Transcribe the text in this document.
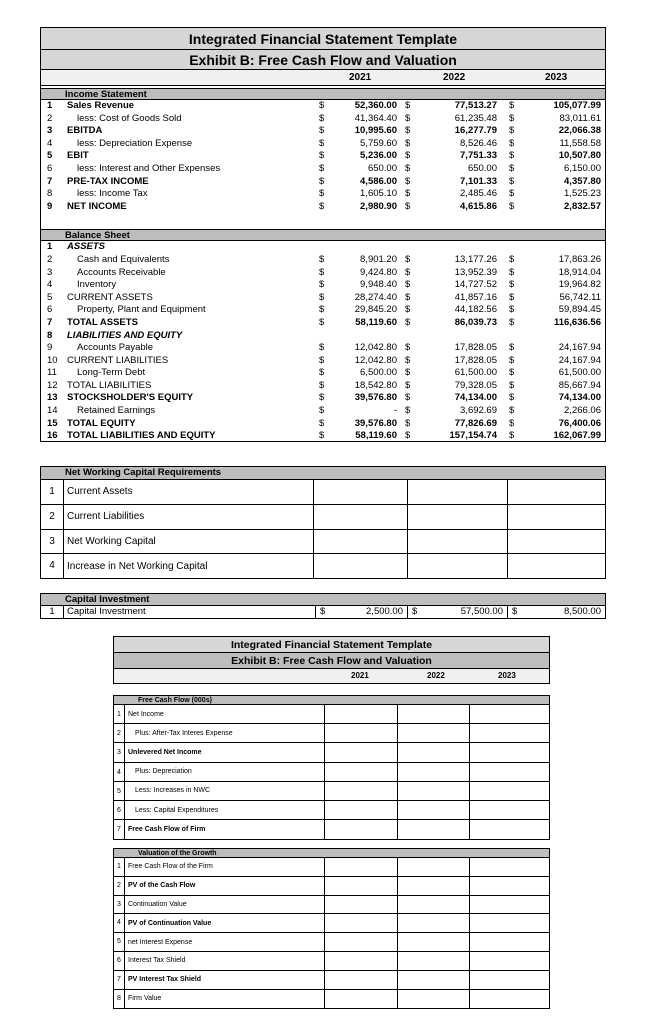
Integrated Financial Statement Template
Exhibit B: Free Cash Flow and Valuation
2021	2022	2023
Income Statement
1 Sales Revenue	$	52,360.00 $	77,513.27 $	105,077.99
2	less: Cost of Goods Sold	$	41,364.40 $	61,235.48 $	83,011.61
3 EBITDA	$	10,995.60 $	16,277.79 $	22,066.38
4	less: Depreciation Expense	$	5,759.60 $	8,526.46 $	11,558.58
5 EBIT	$	5,236.00 $	7,751.33 $	10,507.80
6	less: Interest and Other Expenses	$	650.00 $	650.00 $	6,150.00
7 PRE-TAX INCOME	$	4,586.00 $	7,101.33 $	4,357.80
8	less: Income Tax	$	1,605.10 $	2,485.46 $	1,525.23
9 NET INCOME	$	2,980.90 $	4,615.86 $	2,832.57
Balance Sheet
1 ASSETS
2	Cash and Equivalents	$	8,901.20 $	13,177.26 $	17,863.26
3	Accounts Receivable	$	9,424.80 $	13,952.39 $	18,914.04
4	Inventory	$	9,948.40 $	14,727.52 $	19,964.82
5 CURRENT ASSETS	$	28,274.40 $	41,857.16 $	56,742.11
6	Property, Plant and Equipment	$	29,845.20 $	44,182.56 $	59,894.45
7 TOTAL ASSETS	$	58,119.60 $	86,039.73 $	116,636.56
8 LIABILITIES AND EQUITY
9	Accounts Payable	$	12,042.80 $	17,828.05 $	24,167.94
10 CURRENT LIABILITIES	$	12,042.80 $	17,828.05 $	24,167.94
11 Long-Term Debt	$	6,500.00 $	61,500.00 $	61,500.00
12 TOTAL LIABILITIES	$	18,542.80 $	79,328.05 $	85,667.94
13 STOCKSHOLDER'S EQUITY	$	39,576.80 $	74,134.00 $	74,134.00
14 Retained Earnings	$	- $	3,692.69 $	2,266.06
15 TOTAL EQUITY	$	39,576.80 $	77,826.69 $	76,400.06
16 TOTAL LIABILITIES AND EQUITY	$	58,119.60 $	157,154.74 $	162,067.99
Net Working Capital Requirements
1	Current Assets
2	Current Liabilities
3	Net Working Capital
4	Increase in Net Working Capital
Capital Investment
1	Capital Investment	$	2,500.00 $	57,500.00 $	8,500.00
Integrated Financial Statement Template
Exhibit B: Free Cash Flow and Valuation
2021	2022	2023
Free Cash Flow (000s)
1	Net Income
2	Plus: After-Tax Interes Expense
3	Unlevered Net Income
4	Plus: Depreciation
5	Less: Increases in NWC
6	Less: Capital Expenditures
7	Free Cash Flow of Firm
Valuation of the Growth
1	Free Cash Flow of the Firm
2	PV of the Cash Flow
3	Continuation Value
4	PV of Continuation Value
5	net Interest Expense
6	Interest Tax Shield
7	PV Interest Tax Shield
8	Firm Value
